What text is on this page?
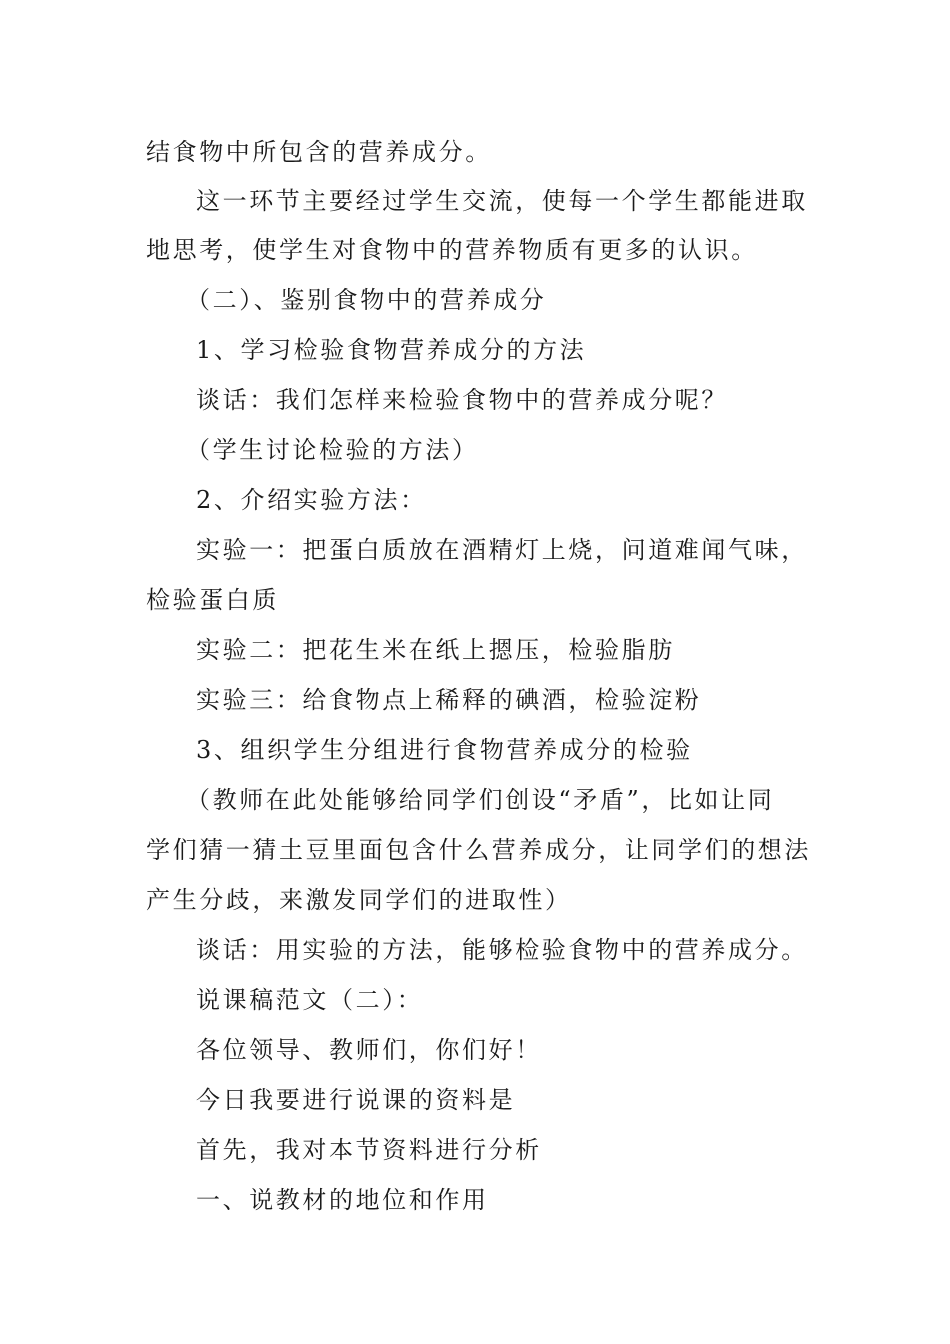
结食物中所包含的营养成分。

这一环节主要经过学生交流，使每一个学生都能进取

地思考，使学生对食物中的营养物质有更多的认识。

（二）、鉴别食物中的营养成分

1、学习检验食物营养成分的方法

谈话：我们怎样来检验食物中的营养成分呢？

（学生讨论检验的方法）

2、介绍实验方法：

实验一：把蛋白质放在酒精灯上烧，问道难闻气味，

检验蛋白质

实验二：把花生米在纸上摁压，检验脂肪

实验三：给食物点上稀释的碘酒，检验淀粉

3、组织学生分组进行食物营养成分的检验

（教师在此处能够给同学们创设“矛盾”，比如让同

学们猜一猜土豆里面包含什么营养成分，让同学们的想法

产生分歧，来激发同学们的进取性）

谈话：用实验的方法，能够检验食物中的营养成分。

说课稿范文（二）：

各位领导、教师们，你们好！

今日我要进行说课的资料是

首先，我对本节资料进行分析

一、说教材的地位和作用
